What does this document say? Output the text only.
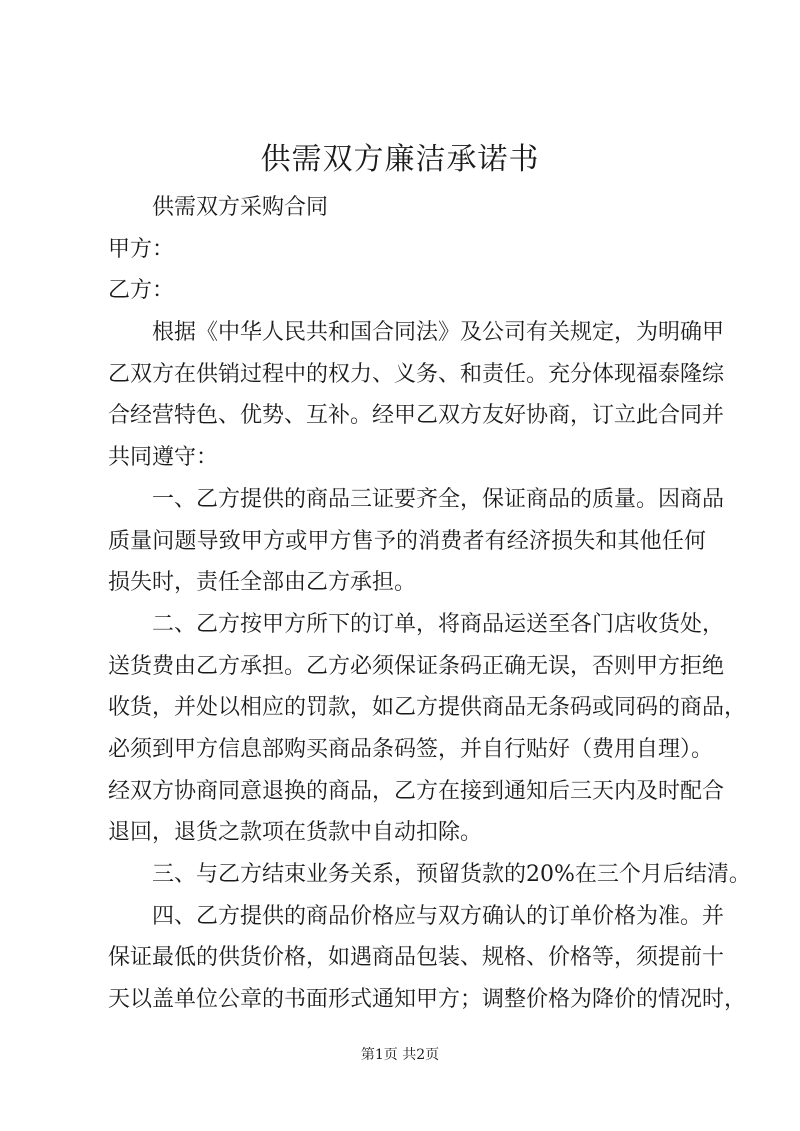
供需双方廉洁承诺书
供需双方采购合同
甲方：
乙方：
根据《中华人民共和国合同法》及公司有关规定，为明确甲
乙双方在供销过程中的权力、义务、和责任。充分体现福泰隆综
合经营特色、优势、互补。经甲乙双方友好协商，订立此合同并
共同遵守：
一、乙方提供的商品三证要齐全，保证商品的质量。因商品
质量问题导致甲方或甲方售予的消费者有经济损失和其他任何
损失时，责任全部由乙方承担。
二、乙方按甲方所下的订单，将商品运送至各门店收货处，
送货费由乙方承担。乙方必须保证条码正确无误，否则甲方拒绝
收货，并处以相应的罚款，如乙方提供商品无条码或同码的商品，
必须到甲方信息部购买商品条码签，并自行贴好（费用自理）。
经双方协商同意退换的商品，乙方在接到通知后三天内及时配合
退回，退货之款项在货款中自动扣除。
三、与乙方结束业务关系，预留货款的20%在三个月后结清。
四、乙方提供的商品价格应与双方确认的订单价格为准。并
保证最低的供货价格，如遇商品包装、规格、价格等，须提前十
天以盖单位公章的书面形式通知甲方；调整价格为降价的情况时，
第1页 共2页
